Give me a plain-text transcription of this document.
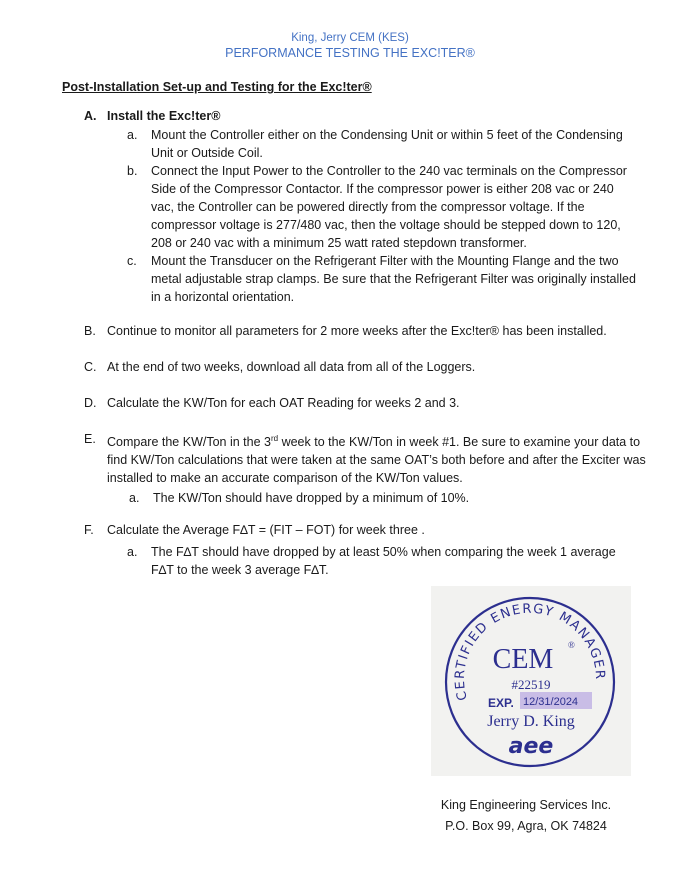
King, Jerry CEM (KES)
PERFORMANCE TESTING THE EXC!TER®
Post-Installation Set-up and Testing for the Exc!ter®
A. Install the Exc!ter®
a.	Mount the Controller either on the Condensing Unit or within 5 feet of the Condensing Unit or Outside Coil.
b.	Connect the Input Power to the Controller to the 240 vac terminals on the Compressor Side of the Compressor Contactor. If the compressor power is either 208 vac or 240 vac, the Controller can be powered directly from the compressor voltage. If the compressor voltage is 277/480 vac, then the voltage should be stepped down to 120, 208 or 240 vac with a minimum 25 watt rated stepdown transformer.
c.	Mount the Transducer on the Refrigerant Filter with the Mounting Flange and the two metal adjustable strap clamps. Be sure that the Refrigerant Filter was originally installed in a horizontal orientation.
B. Continue to monitor all parameters for 2 more weeks after the Exc!ter® has been installed.
C. At the end of two weeks, download all data from all of the Loggers.
D. Calculate the KW/Ton for each OAT Reading for weeks 2 and 3.
E. Compare the KW/Ton in the 3rd week to the KW/Ton in week #1. Be sure to examine your data to find KW/Ton calculations that were taken at the same OAT’s both before and after the Exciter was installed to make an accurate comparison of the KW/Ton values.
a.	The KW/Ton should have dropped by a minimum of 10%.
F.	Calculate the Average F∆T = (FIT – FOT) for week three .
a.	The F∆T should have dropped by at least 50% when comparing the week 1 average F∆T to the week 3 average F∆T.
CERTIFIED ENERGY MANAGER
CEM ®
#22519
EXP. 12/31/2024
Jerry D. King
aee
King Engineering Services Inc.
P.O. Box 99, Agra, OK 74824
